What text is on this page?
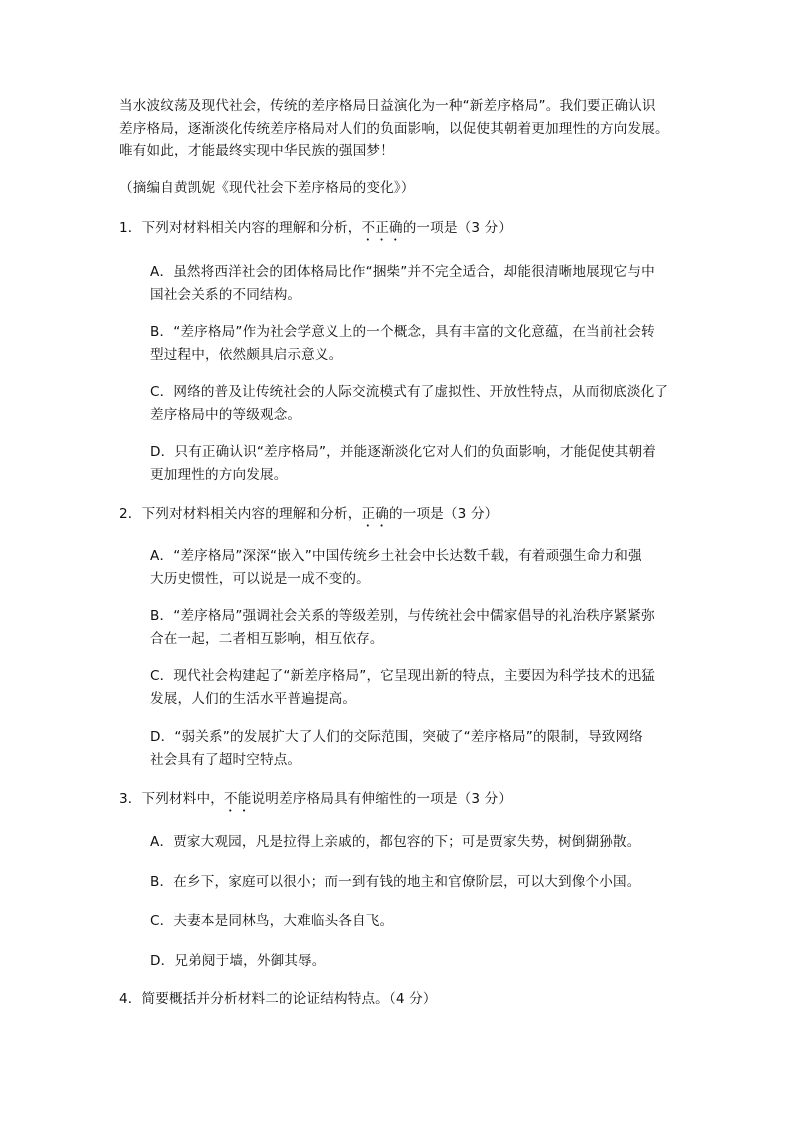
当水波纹荡及现代社会，传统的差序格局日益演化为一种“新差序格局”。我们要正确认识
差序格局，逐渐淡化传统差序格局对人们的负面影响，以促使其朝着更加理性的方向发展。
唯有如此，才能最终实现中华民族的强国梦！
（摘编自黄凯妮《现代社会下差序格局的变化》）
1．下列对材料相关内容的理解和分析，不正确的一项是（3 分）
A．虽然将西洋社会的团体格局比作“捆柴”并不完全适合，却能很清晰地展现它与中
国社会关系的不同结构。
B．“差序格局”作为社会学意义上的一个概念，具有丰富的文化意蕴，在当前社会转
型过程中，依然颇具启示意义。
C．网络的普及让传统社会的人际交流模式有了虚拟性、开放性特点，从而彻底淡化了
差序格局中的等级观念。
D．只有正确认识“差序格局”，并能逐渐淡化它对人们的负面影响，才能促使其朝着
更加理性的方向发展。
2．下列对材料相关内容的理解和分析，正确的一项是（3 分）
A．“差序格局”深深“嵌入”中国传统乡土社会中长达数千载，有着顽强生命力和强
大历史惯性，可以说是一成不变的。
B．“差序格局”强调社会关系的等级差别，与传统社会中儒家倡导的礼治秩序紧紧弥
合在一起，二者相互影响，相互依存。
C．现代社会构建起了“新差序格局”，它呈现出新的特点，主要因为科学技术的迅猛
发展，人们的生活水平普遍提高。
D．“弱关系”的发展扩大了人们的交际范围，突破了“差序格局”的限制，导致网络
社会具有了超时空特点。
3．下列材料中，不能说明差序格局具有伸缩性的一项是（3 分）
A．贾家大观园，凡是拉得上亲戚的，都包容的下；可是贾家失势，树倒猢狲散。
B．在乡下，家庭可以很小；而一到有钱的地主和官僚阶层，可以大到像个小国。
C．夫妻本是同林鸟，大难临头各自飞。
D．兄弟阋于墙，外御其辱。
4．简要概括并分析材料二的论证结构特点。（4 分）
